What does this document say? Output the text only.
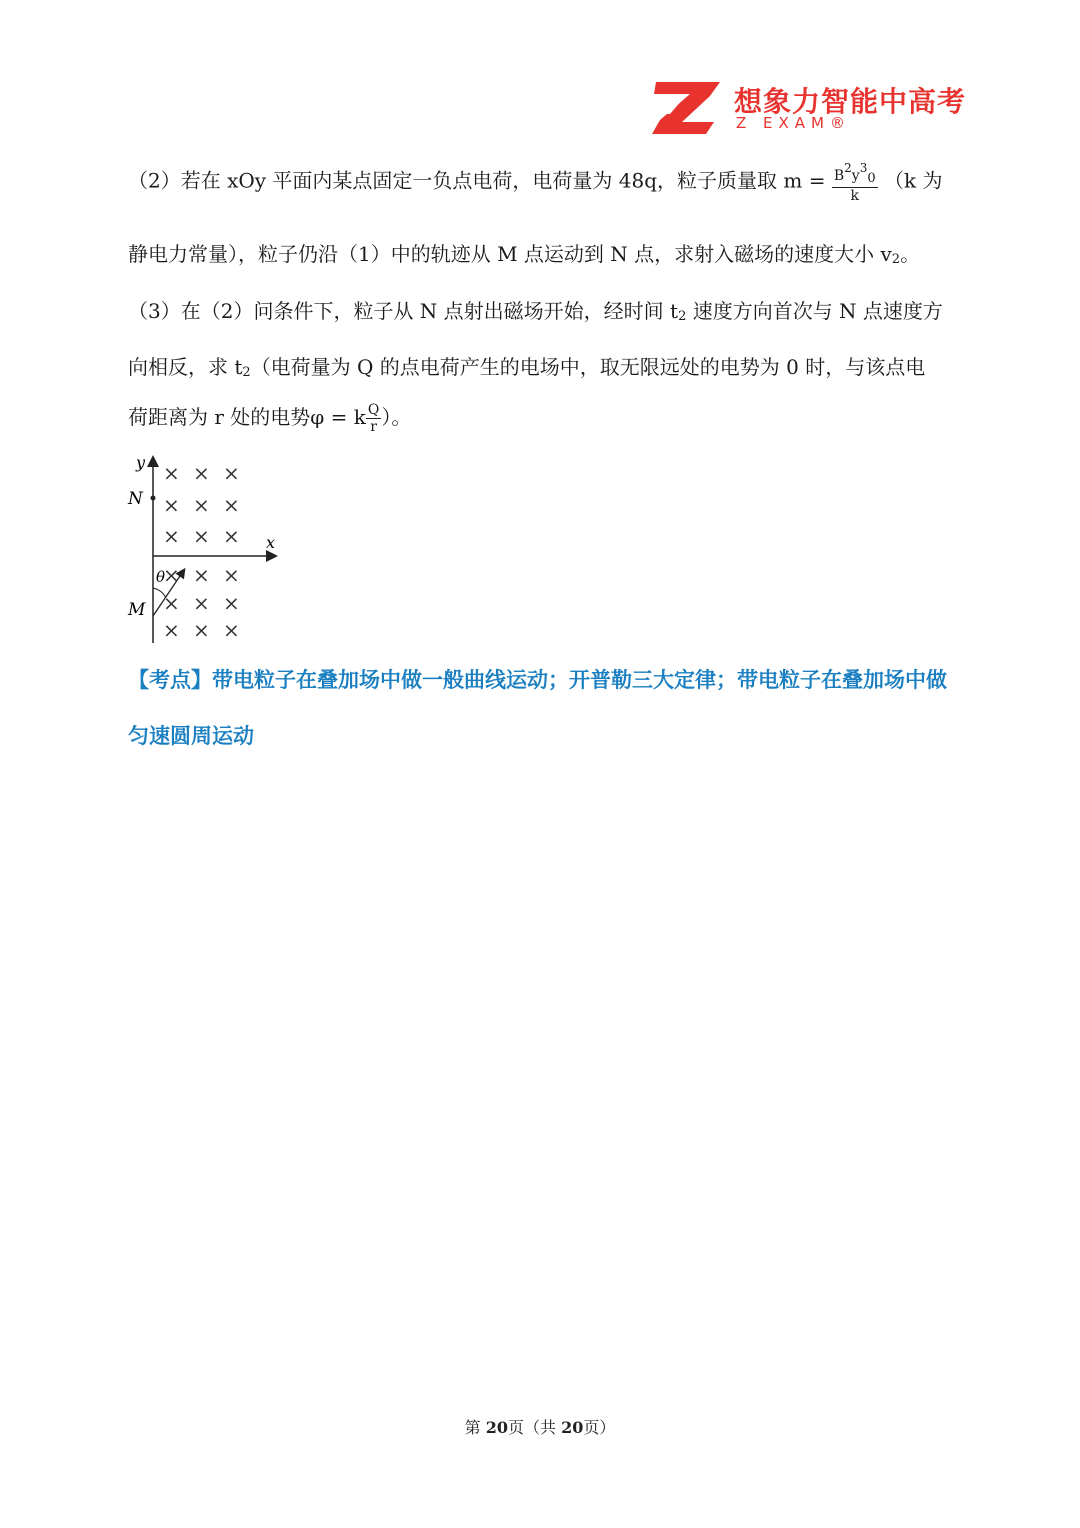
想象力智能中高考
Z EXAM®
（2）若在 xOy 平面内某点固定一负点电荷，电荷量为 48q，粒子质量取 $m = \frac{B2y30}{k} (k$ 为
静电力常量），粒子仍沿（1）中的轨迹从 M 点运动到 N 点，求射入磁场的速度大小 v2。
（3）在（2）问条件下，粒子从 N 点射出磁场开始，经时间 t2 速度方向首次与 N 点速度方
向相反，求 t2（电荷量为 Q 的点电荷产生的电场中，取无限远处的电势为 0 时，与该点电
荷距离为 r 处的电势φ = k $\frac{Q}{r}$ ）。
y
x
N
M
θ
× × ×
× × ×
× × ×
× × ×
× × ×
× × ×
【考点】带电粒子在叠加场中做一般曲线运动；开普勒三大定律；带电粒子在叠加场中做
匀速圆周运动
第 20页（共 20页）
